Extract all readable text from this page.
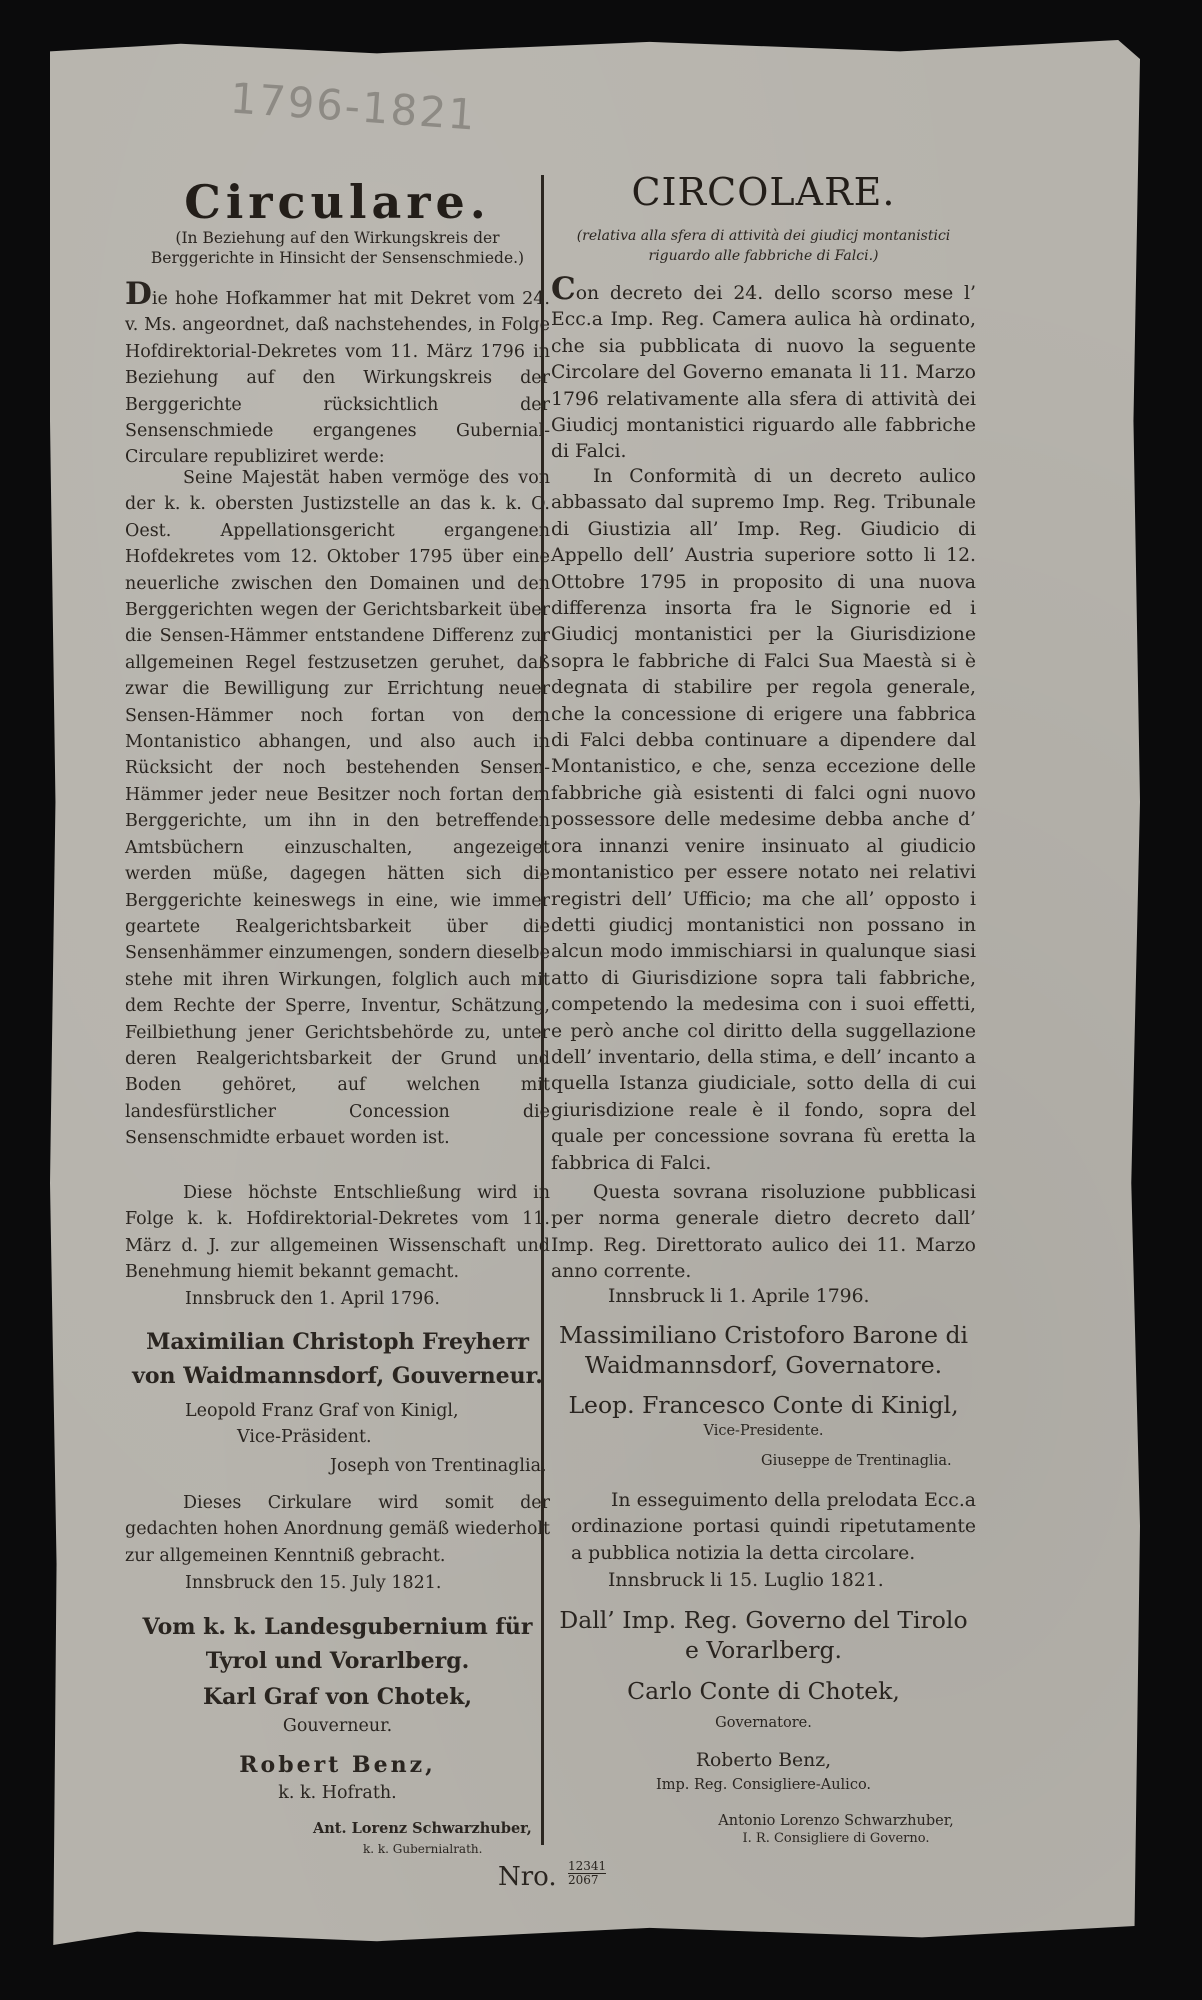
1796-1821
Circulare.

(In Beziehung auf den Wirkungskreis der Berggerichte in Hinsicht der Sensenschmiede.)

Die hohe Hofkammer hat mit Dekret vom 24. v. Ms. angeordnet, daß nachstehendes, in Folge Hofdirektorial-Dekretes vom 11. März 1796 in Beziehung auf den Wirkungskreis der Berggerichte rücksichtlich der Sensenschmiede ergangenes Gubernial-Circulare republiziret werde:

Seine Majestät haben vermöge des von der k. k. obersten Justizstelle an das k. k. O. Oest. Appellationsgericht ergangenen Hofdekretes vom 12. Oktober 1795 über eine neuerliche zwischen den Domainen und den Berggerichten wegen der Gerichtsbarkeit über die Sensen-Hämmer entstandene Differenz zur allgemeinen Regel festzusetzen geruhet, daß zwar die Bewilligung zur Errichtung neuer Sensen-Hämmer noch fortan von dem Montanistico abhangen, und also auch in Rücksicht der noch bestehenden Sensen-Hämmer jeder neue Besitzer noch fortan dem Berggerichte, um ihn in den betreffenden Amtsbüchern einzuschalten, angezeiget werden müße, dagegen hätten sich die Berggerichte keineswegs in eine, wie immer geartete Realgerichtsbarkeit über die Sensenhämmer einzumengen, sondern dieselbe stehe mit ihren Wirkungen, folglich auch mit dem Rechte der Sperre, Inventur, Schätzung, Feilbiethung jener Gerichtsbehörde zu, unter deren Realgerichtsbarkeit der Grund und Boden gehöret, auf welchen mit landesfürstlicher Concession die Sensenschmidte erbauet worden ist.

Diese höchste Entschließung wird in Folge k. k. Hofdirektorial-Dekretes vom 11. März d. J. zur allgemeinen Wissenschaft und Benehmung hiemit bekannt gemacht.

Innsbruck den 1. April 1796.

Maximilian Christoph Freyherr von Waidmannsdorf, Gouverneur.

Leopold Franz Graf von Kinigl,

Vice-Präsident.

Joseph von Trentinaglia.

Dieses Cirkulare wird somit der gedachten hohen Anordnung gemäß wiederholt zur allgemeinen Kenntniß gebracht.

Innsbruck den 15. July 1821.

Vom k. k. Landesgubernium für Tyrol und Vorarlberg.

Karl Graf von Chotek,

Gouverneur.

Robert Benz,

k. k. Hofrath.

Ant. Lorenz Schwarzhuber,

k. k. Gubernialrath.

CIRCOLARE.

(relativa alla sfera di attività dei giudicj montanistici riguardo alle fabbriche di Falci.)

Con decreto dei 24. dello scorso mese l’ Ecc.a Imp. Reg. Camera aulica hà ordinato, che sia pubblicata di nuovo la seguente Circolare del Governo emanata li 11. Marzo 1796 relativamente alla sfera di attività dei Giudicj montanistici riguardo alle fabbriche di Falci.

In Conformità di un decreto aulico abbassato dal supremo Imp. Reg. Tribunale di Giustizia all’ Imp. Reg. Giudicio di Appello dell’ Austria superiore sotto li 12. Ottobre 1795 in proposito di una nuova differenza insorta fra le Signorie ed i Giudicj montanistici per la Giurisdizione sopra le fabbriche di Falci Sua Maestà si è degnata di stabilire per regola generale, che la concessione di erigere una fabbrica di Falci debba continuare a dipendere dal Montanistico, e che, senza eccezione delle fabbriche già esistenti di falci ogni nuovo possessore delle medesime debba anche d’ ora innanzi venire insinuato al giudicio montanistico per essere notato nei relativi registri dell’ Ufficio; ma che all’ opposto i detti giudicj montanistici non possano in alcun modo immischiarsi in qualunque siasi atto di Giurisdizione sopra tali fabbriche, competendo la medesima con i suoi effetti, e però anche col diritto della suggellazione dell’ inventario, della stima, e dell’ incanto a quella Istanza giudiciale, sotto della di cui giurisdizione reale è il fondo, sopra del quale per concessione sovrana fù eretta la fabbrica di Falci.

Questa sovrana risoluzione pubblicasi per norma generale dietro decreto dall’ Imp. Reg. Direttorato aulico dei 11. Marzo anno corrente.

Innsbruck li 1. Aprile 1796.

Massimiliano Cristoforo Barone di Waidmannsdorf, Governatore.

Leop. Francesco Conte di Kinigl,

Vice-Presidente.

Giuseppe de Trentinaglia.

In esseguimento della prelodata Ecc.a ordinazione portasi quindi ripetutamente a pubblica notizia la detta circolare.

Innsbruck li 15. Luglio 1821.

Dall’ Imp. Reg. Governo del Tirolo e Vorarlberg.

Carlo Conte di Chotek,

Governatore.

Roberto Benz,

Imp. Reg. Consigliere-Aulico.

Antonio Lorenzo Schwarzhuber,

I. R. Consigliere di Governo.

Nro. 12341
2067
